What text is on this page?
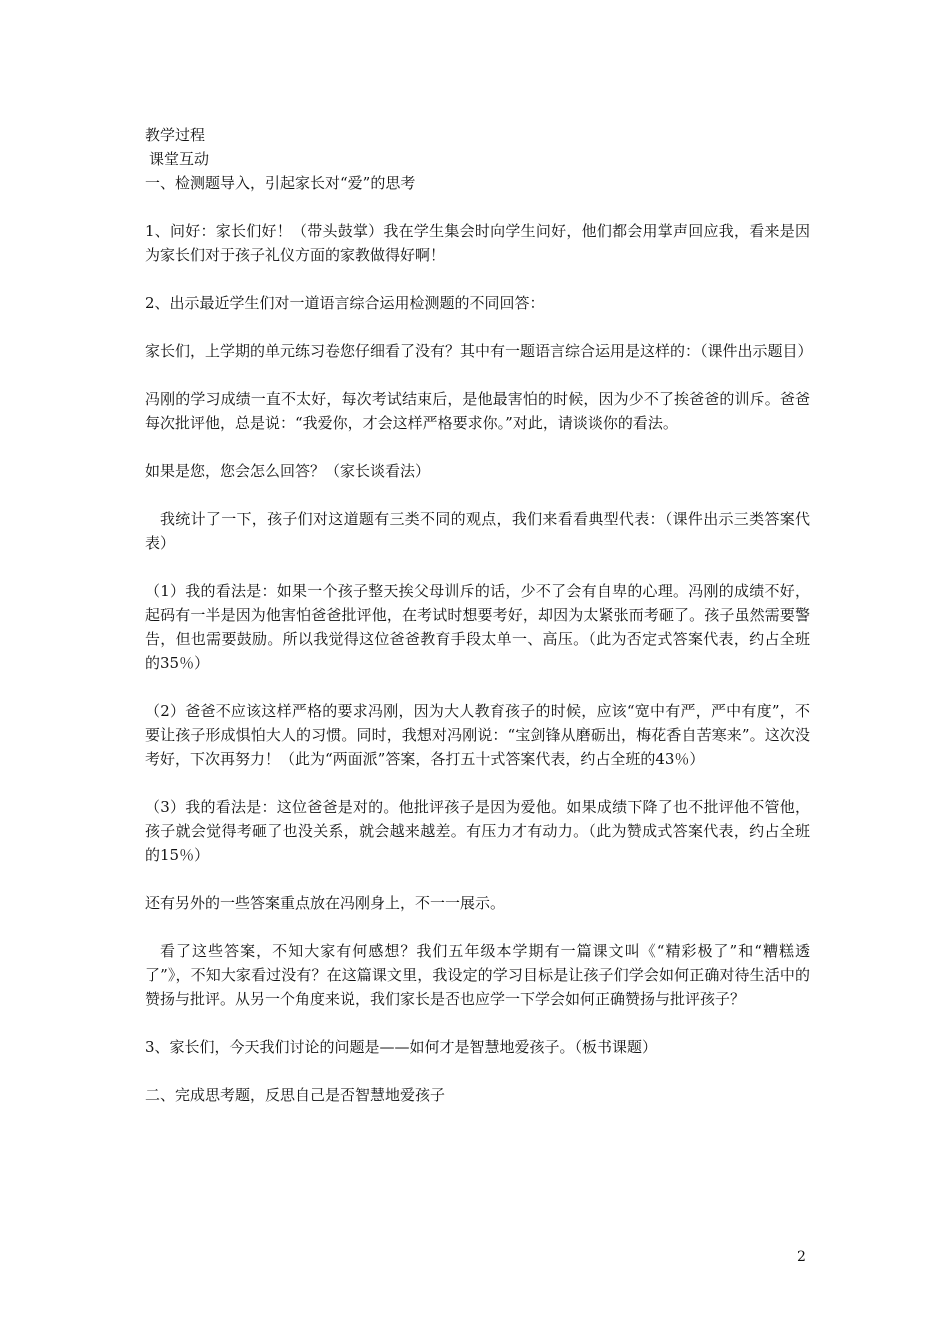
教学过程

课堂互动

一、检测题导入，引起家长对“爱”的思考

1、问好：家长们好！（带头鼓掌）我在学生集会时向学生问好，他们都会用掌声回应我，看来是因为家长们对于孩子礼仪方面的家教做得好啊！

2、出示最近学生们对一道语言综合运用检测题的不同回答：

家长们，上学期的单元练习卷您仔细看了没有？其中有一题语言综合运用是这样的：（课件出示题目）

冯刚的学习成绩一直不太好，每次考试结束后，是他最害怕的时候，因为少不了挨爸爸的训斥。爸爸每次批评他，总是说：“我爱你，才会这样严格要求你。”对此，请谈谈你的看法。

如果是您，您会怎么回答？（家长谈看法）

我统计了一下，孩子们对这道题有三类不同的观点，我们来看看典型代表：（课件出示三类答案代表）

（1）我的看法是：如果一个孩子整天挨父母训斥的话，少不了会有自卑的心理。冯刚的成绩不好，起码有一半是因为他害怕爸爸批评他，在考试时想要考好，却因为太紧张而考砸了。孩子虽然需要警告，但也需要鼓励。所以我觉得这位爸爸教育手段太单一、高压。（此为否定式答案代表，约占全班的35％）

（2）爸爸不应该这样严格的要求冯刚，因为大人教育孩子的时候，应该“宽中有严，严中有度”，不要让孩子形成惧怕大人的习惯。同时，我想对冯刚说：“宝剑锋从磨砺出，梅花香自苦寒来”。这次没考好，下次再努力！（此为“两面派”答案，各打五十式答案代表，约占全班的43％）

（3）我的看法是：这位爸爸是对的。他批评孩子是因为爱他。如果成绩下降了也不批评他不管他，孩子就会觉得考砸了也没关系，就会越来越差。有压力才有动力。（此为赞成式答案代表，约占全班的15％）

还有另外的一些答案重点放在冯刚身上，不一一展示。

看了这些答案，不知大家有何感想？我们五年级本学期有一篇课文叫《“精彩极了”和“糟糕透了”》，不知大家看过没有？在这篇课文里，我设定的学习目标是让孩子们学会如何正确对待生活中的赞扬与批评。从另一个角度来说，我们家长是否也应学一下学会如何正确赞扬与批评孩子？

3、家长们，今天我们讨论的问题是——如何才是智慧地爱孩子。（板书课题）

二、完成思考题，反思自己是否智慧地爱孩子

2
